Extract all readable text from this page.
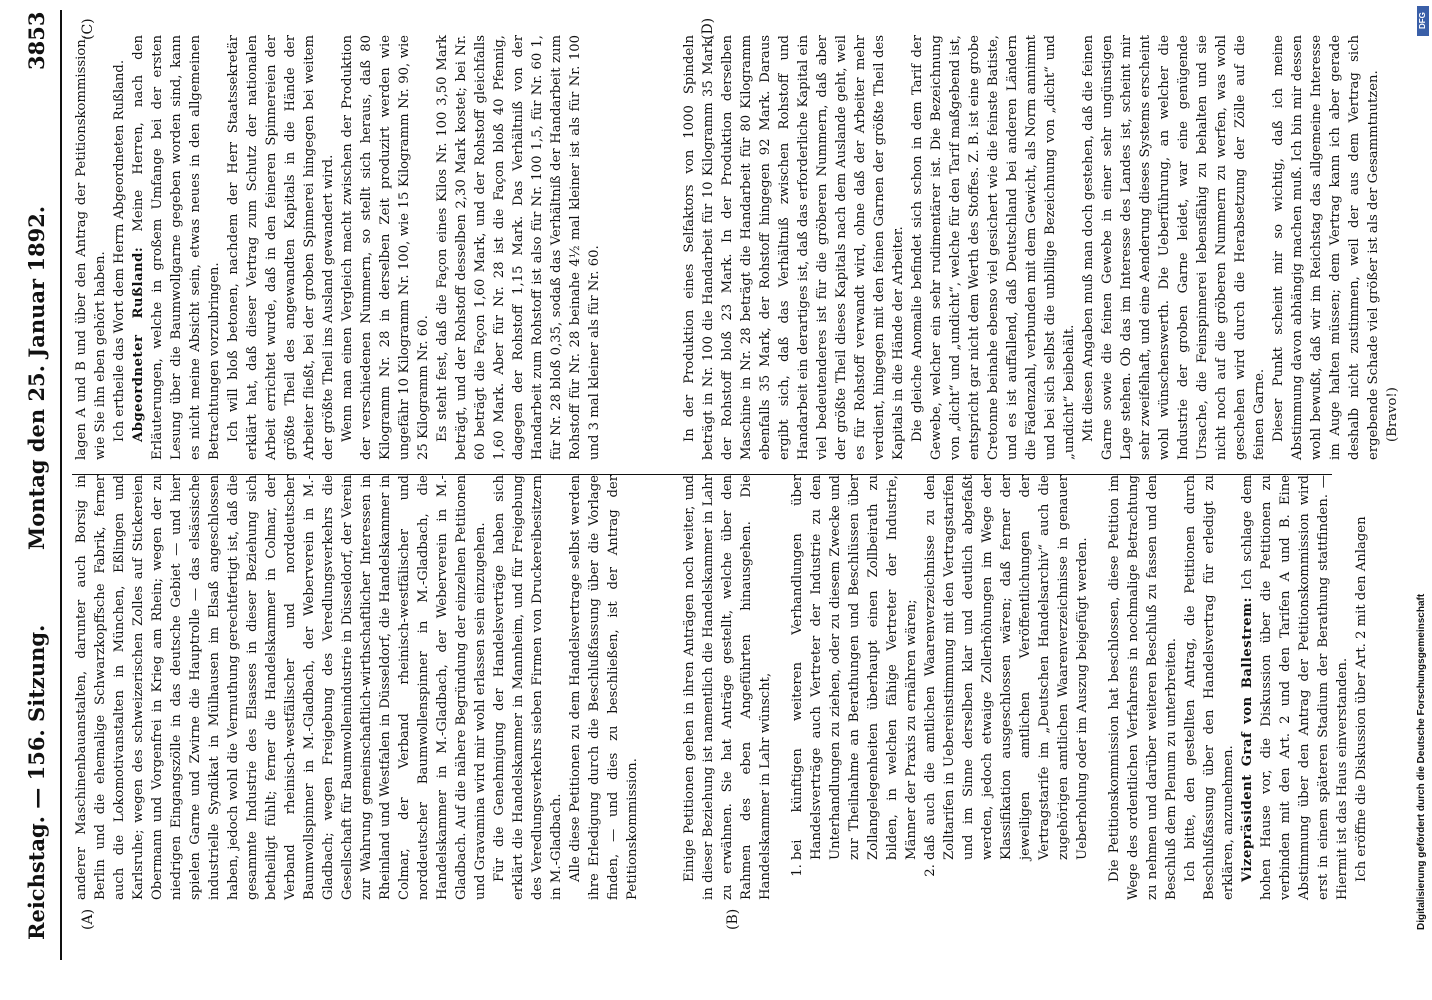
Reichstag. — 156. Sitzung.
Montag den 25. Januar 1892.
3853
(A)	(B)
(C)	(D)

anderer Maschinenbauanstalten, darunter auch Borsig in Berlin und die ehemalige Schwarzkopffsche Fabrik, ferner auch die Lokomotivanstalten in München, Eßlingen und Karlsruhe; wegen des schweizerischen Zolles auf Stickereien Obermann und Vorgenfrei in Krieg am Rhein; wegen der zu niedrigen Eingangszölle in das deutsche Gebiet — und hier spielen Garne und Zwirne die Hauptrolle — das elsässische industrielle Syndikat in Mülhausen im Elsaß angeschlossen haben, jedoch wohl die Vermuthung gerechtfertigt ist, daß die gesammte Industrie des Elsasses in dieser Beziehung sich betheiligt fühlt; ferner die Handelskammer in Colmar, der Verband rheinisch-westfälischer und norddeutscher Baumwollspinner in M.-Gladbach, der Weberverein in M.-Gladbach; wegen Freigebung des Veredlungsverkehrs die Gesellschaft für Baumwollenindustrie in Düsseldorf, der Verein zur Wahrung gemeinschaftlich-wirthschaftlicher Interessen in Rheinland und Westfalen in Düsseldorf, die Handelskammer in Colmar, der Verband rheinisch-westfälischer und norddeutscher Baumwollenspinner in M.-Gladbach, die Handelskammer in M.-Gladbach, der Weberverein in M.-Gladbach. Auf die nähere Begründung der einzelnen Petitionen und Gravamina wird mir wohl erlassen sein einzugehen. Für die Genehmigung der Handelsverträge haben sich erklärt die Handelskammer in Mannheim, und für Freigebung des Veredlungsverkehrs sieben Firmen von Druckereibesitzern in M.-Gladbach. Alle diese Petitionen zu dem Handelsvertrage selbst werden ihre Erledigung durch die Beschlußfassung über die Vorlage finden, — und dies zu beschließen, ist der Antrag der Petitionskommission.	Einige Petitionen gehen in ihren Anträgen noch weiter, und in dieser Beziehung ist namentlich die Handelskammer in Lahr zu erwähnen. Sie hat Anträge gestellt, welche über den Rahmen des eben Angeführten hinausgehen. Die Handelskammer in Lahr wünscht, 1. bei künftigen weiteren Verhandlungen über Handelsverträge auch Vertreter der Industrie zu den Unterhandlungen zu ziehen, oder zu diesem Zwecke und zur Theilnahme an Berathungen und Beschlüssen über Zollangelegenheiten überhaupt einen Zollbeirath zu bilden, in welchen fähige Vertreter der Industrie, Männer der Praxis zu ernähren wären; 2. daß auch die amtlichen Waarenverzeichnisse zu den Zolltarifen in Uebereinstimmung mit den Vertragstarifen und im Sinne derselben klar und deutlich abgefaßt werden, jedoch etwaige Zollerhöhungen im Wege der Klassifikation ausgeschlossen wären; daß ferner der jeweiligen amtlichen Veröffentlichungen der Vertragstarife im „Deutschen Handelsarchiv“ auch die zugehörigen amtlichen Waarenverzeichnisse in genauer Ueberholung oder im Auszug beigefügt werden. Die Petitionskommission hat beschlossen, diese Petition im Wege des ordentlichen Verfahrens in nochmalige Betrachtung zu nehmen und darüber weiteren Beschluß zu fassen und den Beschluß dem Plenum zu unterbreiten. Ich bitte, den gestellten Antrag, die Petitionen durch Beschlußfassung über den Handelsvertrag für erledigt zu erklären, anzunehmen. Vizepräsident Graf von Ballestrem: Ich schlage dem hohen Hause vor, die Diskussion über die Petitionen zu verbinden mit den Art. 2 und den Tarifen A und B. Eine Abstimmung über den Antrag der Petitionskommission wird erst in einem späteren Stadium der Berathung stattfinden. — Hiermit ist das Haus einverstanden. Ich eröffne die Diskussion über Art. 2 mit den Anlagen

lagen A und B und über den Antrag der Petitionskommission, wie Sie ihn eben gehört haben. Ich ertheile das Wort dem Herrn Abgeordneten Rußland. Abgeordneter Rußland: Meine Herren, nach den Erläuterungen, welche in großem Umfange bei der ersten Lesung über die Baumwollgarne gegeben worden sind, kann es nicht meine Absicht sein, etwas neues in den allgemeinen Betrachtungen vorzubringen. Ich will bloß betonen, nachdem der Herr Staatssekretär erklärt hat, daß dieser Vertrag zum Schutz der nationalen Arbeit errichtet wurde, daß in den feineren Spinnereien der größte Theil des angewandten Kapitals in die Hände der Arbeiter fließt, bei der groben Spinnerei hingegen bei weitem der größte Theil ins Ausland gewandert wird. Wenn man einen Vergleich macht zwischen der Produktion der verschiedenen Nummern, so stellt sich heraus, daß 80 Kilogramm Nr. 28 in derselben Zeit produzirt werden wie ungefähr 10 Kilogramm Nr. 100, wie 15 Kilogramm Nr. 90, wie 25 Kilogramm Nr. 60. Es steht fest, daß die Façon eines Kilos Nr. 100 3,50 Mark beträgt, und der Rohstoff desselben 2,30 Mark kostet; bei Nr. 60 beträgt die Façon 1,60 Mark, und der Rohstoff gleichfalls 1,60 Mark. Aber für Nr. 28 ist die Façon bloß 40 Pfennig, dagegen der Rohstoff 1,15 Mark. Das Verhältniß von der Handarbeit zum Rohstoff ist also für Nr. 100 1,5, für Nr. 60 1, für Nr. 28 bloß 0,35, sodaß das Verhältniß der Handarbeit zum Rohstoff für Nr. 28 beinahe 4½ mal kleiner ist als für Nr. 100 und 3 mal kleiner als für Nr. 60.	In der Produktion eines Selfaktors von 1000 Spindeln beträgt in Nr. 100 die Handarbeit für 10 Kilogramm 35 Mark, der Rohstoff bloß 23 Mark. In der Produktion derselben Maschine in Nr. 28 beträgt die Handarbeit für 80 Kilogramm ebenfalls 35 Mark, der Rohstoff hingegen 92 Mark. Daraus ergibt sich, daß das Verhältniß zwischen Rohstoff und Handarbeit ein derartiges ist, daß das erforderliche Kapital ein viel bedeutenderes ist für die gröberen Nummern, daß aber der größte Theil dieses Kapitals nach dem Auslande geht, weil es für Rohstoff verwandt wird, ohne daß der Arbeiter mehr verdient, hingegen mit den feinen Garnen der größte Theil des Kapitals in die Hände der Arbeiter. Die gleiche Anomalie befindet sich schon in dem Tarif der Gewebe, welcher ein sehr rudimentärer ist. Die Bezeichnung von „dicht“ und „undicht“, welche für den Tarif maßgebend ist, entspricht gar nicht dem Werth des Stoffes. Z. B. ist eine grobe Cretonne beinahe ebenso viel gesichert wie die feinste Batiste, und es ist auffallend, daß Deutschland bei anderen Ländern die Fädenzahl, verbunden mit dem Gewicht, als Norm annimmt und bei sich selbst die unbillige Bezeichnung von „dicht“ und „undicht“ beibehält. Mit diesen Angaben muß man doch gestehen, daß die feinen Garne sowie die feinen Gewebe in einer sehr ungünstigen Lage stehen. Ob das im Interesse des Landes ist, scheint mir sehr zweifelhaft, und eine Aenderung dieses Systems erscheint wohl wünschenswerth. Die Ueberführung, an welcher die Industrie der groben Garne leidet, war eine genügende Ursache, die Feinspinnerei lebensfähig zu behalten und sie nicht noch auf die gröberen Nummern zu werfen, was wohl geschehen wird durch die Herabsetzung der Zölle auf die feinen Garne. Dieser Punkt scheint mir so wichtig, daß ich meine Abstimmung davon abhängig machen muß. Ich bin mir dessen wohl bewußt, daß wir im Reichstag das allgemeine Interesse im Auge halten müssen; dem Vertrag kann ich aber gerade deshalb nicht zustimmen, weil der aus dem Vertrag sich ergebende Schade viel größer ist als der Gesammtnutzen. (Bravo!)

DFG
Digitalisierung gefördert durch die Deutsche Forschungsgemeinschaft
